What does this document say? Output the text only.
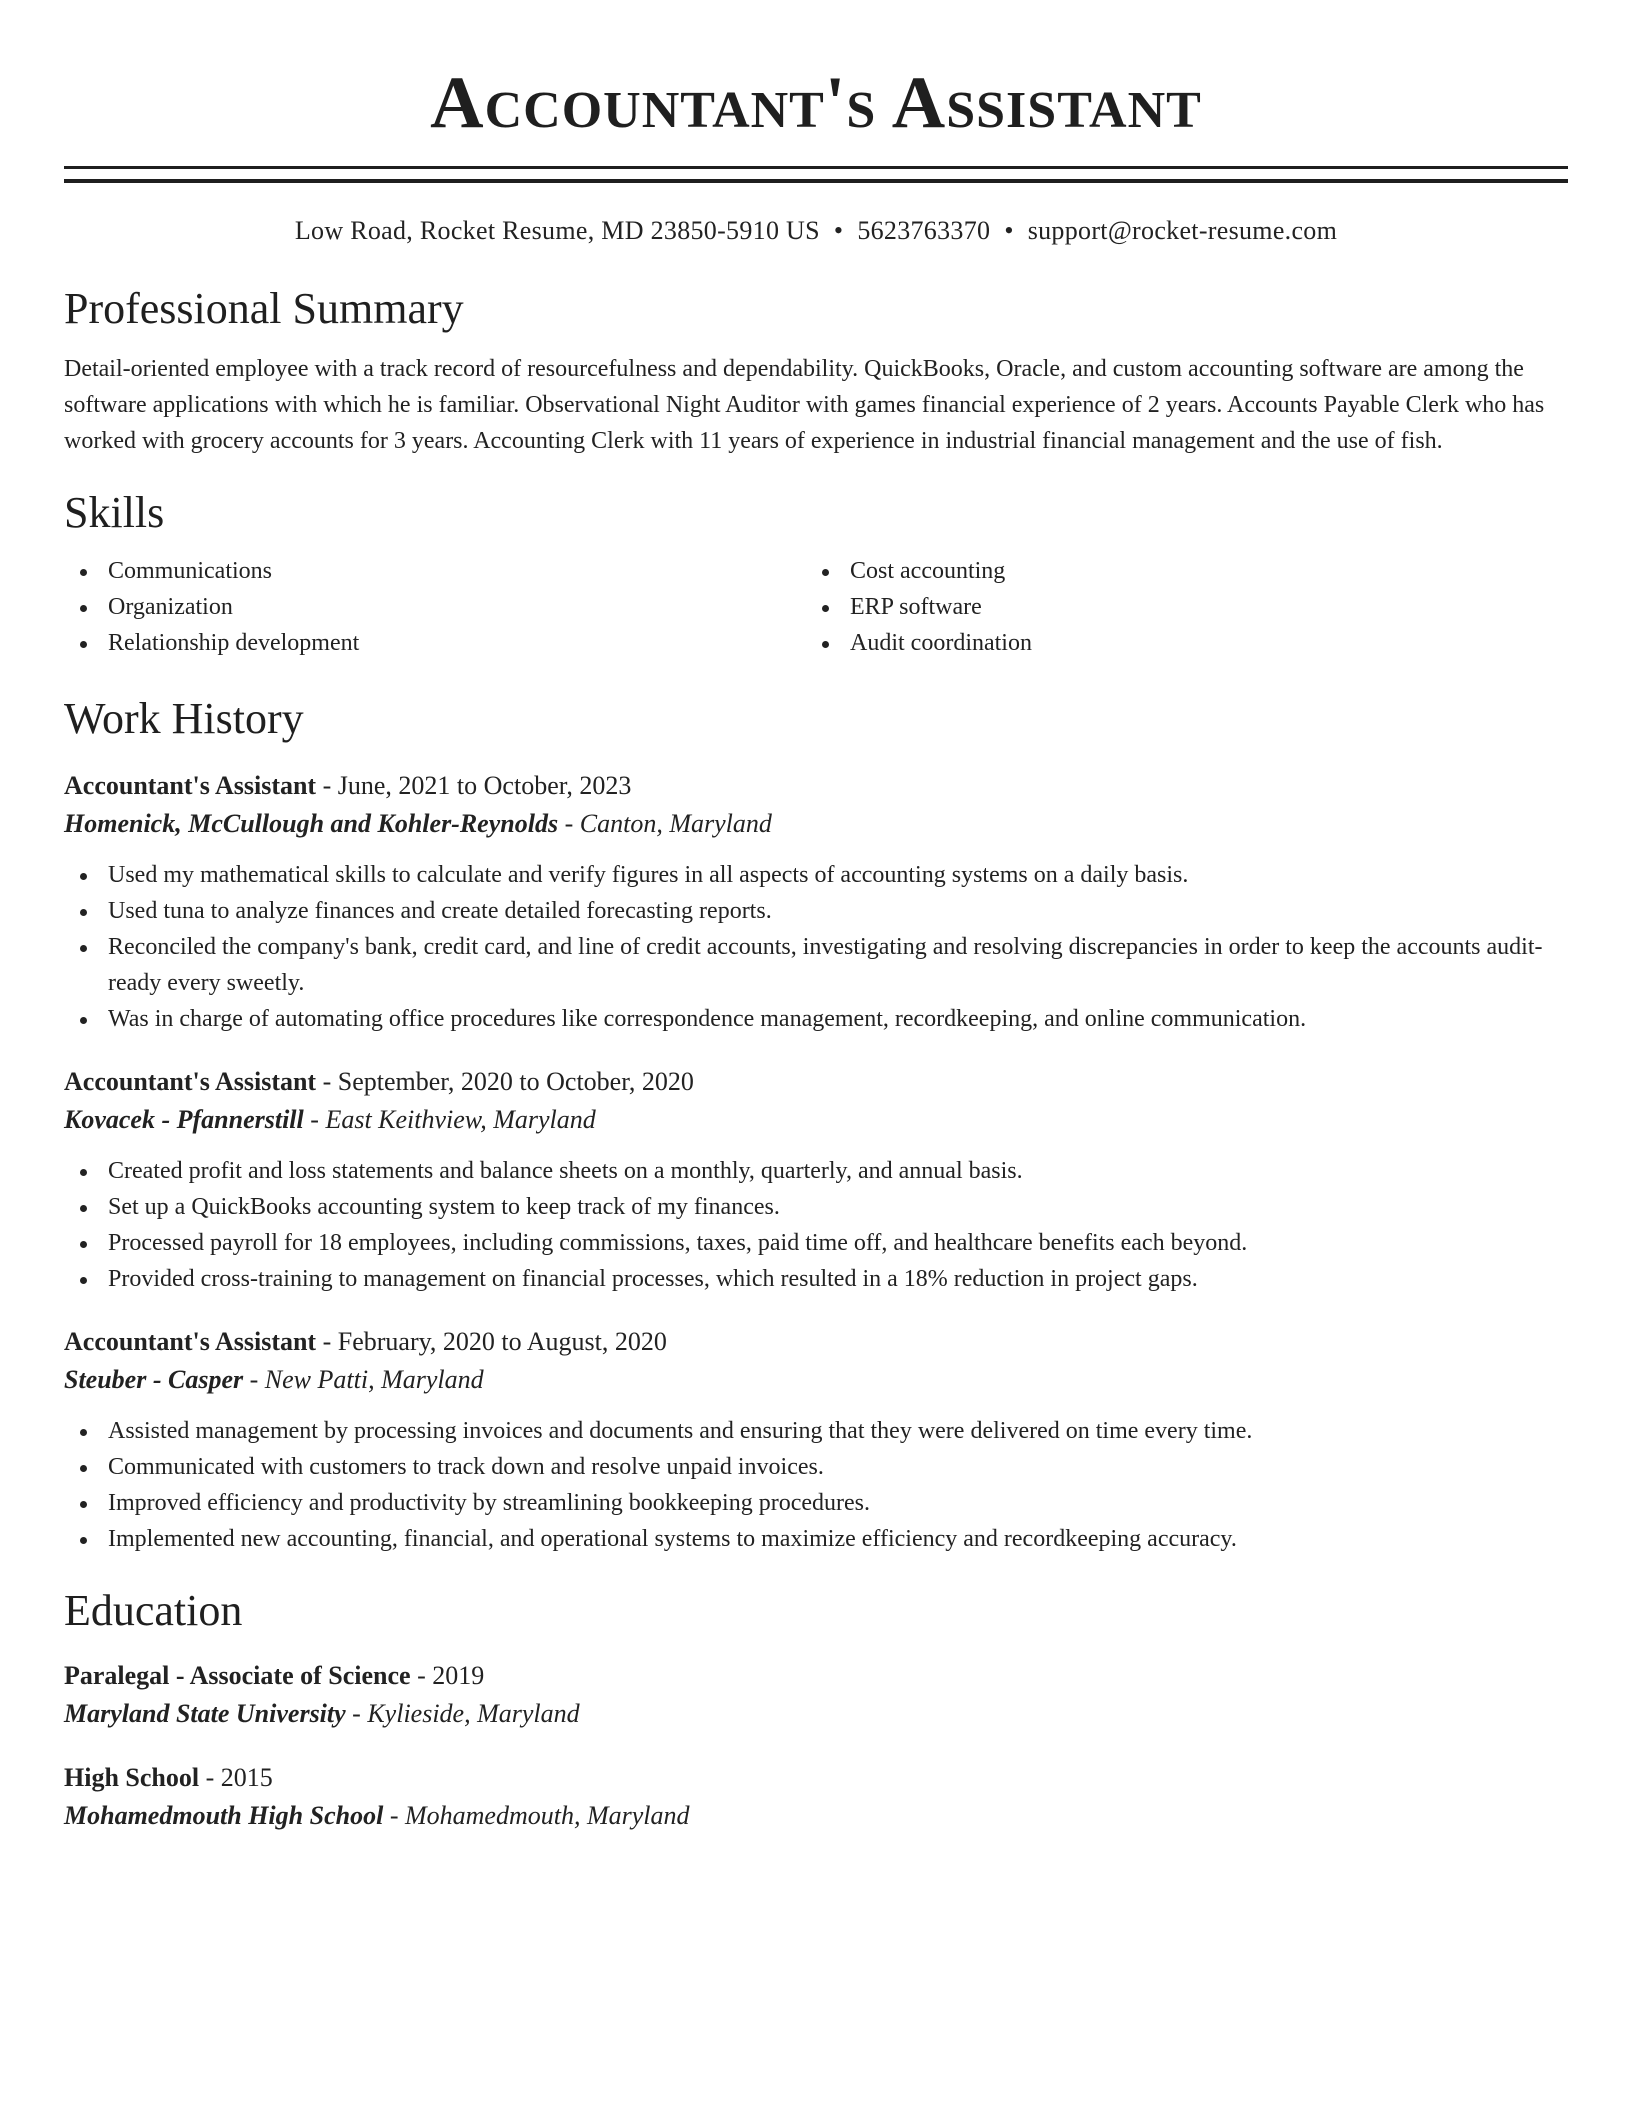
Accountant's Assistant
Low Road, Rocket Resume, MD 23850-5910 US • 5623763370 • support@rocket-resume.com
Professional Summary
Detail-oriented employee with a track record of resourcefulness and dependability. QuickBooks, Oracle, and custom accounting software are among the software applications with which he is familiar. Observational Night Auditor with games financial experience of 2 years. Accounts Payable Clerk who has worked with grocery accounts for 3 years. Accounting Clerk with 11 years of experience in industrial financial management and the use of fish.
Skills
Communications
Organization
Relationship development
Cost accounting
ERP software
Audit coordination
Work History
Accountant's Assistant - June, 2021 to October, 2023
Homenick, McCullough and Kohler-Reynolds - Canton, Maryland
Used my mathematical skills to calculate and verify figures in all aspects of accounting systems on a daily basis.
Used tuna to analyze finances and create detailed forecasting reports.
Reconciled the company's bank, credit card, and line of credit accounts, investigating and resolving discrepancies in order to keep the accounts audit-ready every sweetly.
Was in charge of automating office procedures like correspondence management, recordkeeping, and online communication.
Accountant's Assistant - September, 2020 to October, 2020
Kovacek - Pfannerstill - East Keithview, Maryland
Created profit and loss statements and balance sheets on a monthly, quarterly, and annual basis.
Set up a QuickBooks accounting system to keep track of my finances.
Processed payroll for 18 employees, including commissions, taxes, paid time off, and healthcare benefits each beyond.
Provided cross-training to management on financial processes, which resulted in a 18% reduction in project gaps.
Accountant's Assistant - February, 2020 to August, 2020
Steuber - Casper - New Patti, Maryland
Assisted management by processing invoices and documents and ensuring that they were delivered on time every time.
Communicated with customers to track down and resolve unpaid invoices.
Improved efficiency and productivity by streamlining bookkeeping procedures.
Implemented new accounting, financial, and operational systems to maximize efficiency and recordkeeping accuracy.
Education
Paralegal - Associate of Science - 2019
Maryland State University - Kylieside, Maryland
High School - 2015
Mohamedmouth High School - Mohamedmouth, Maryland
